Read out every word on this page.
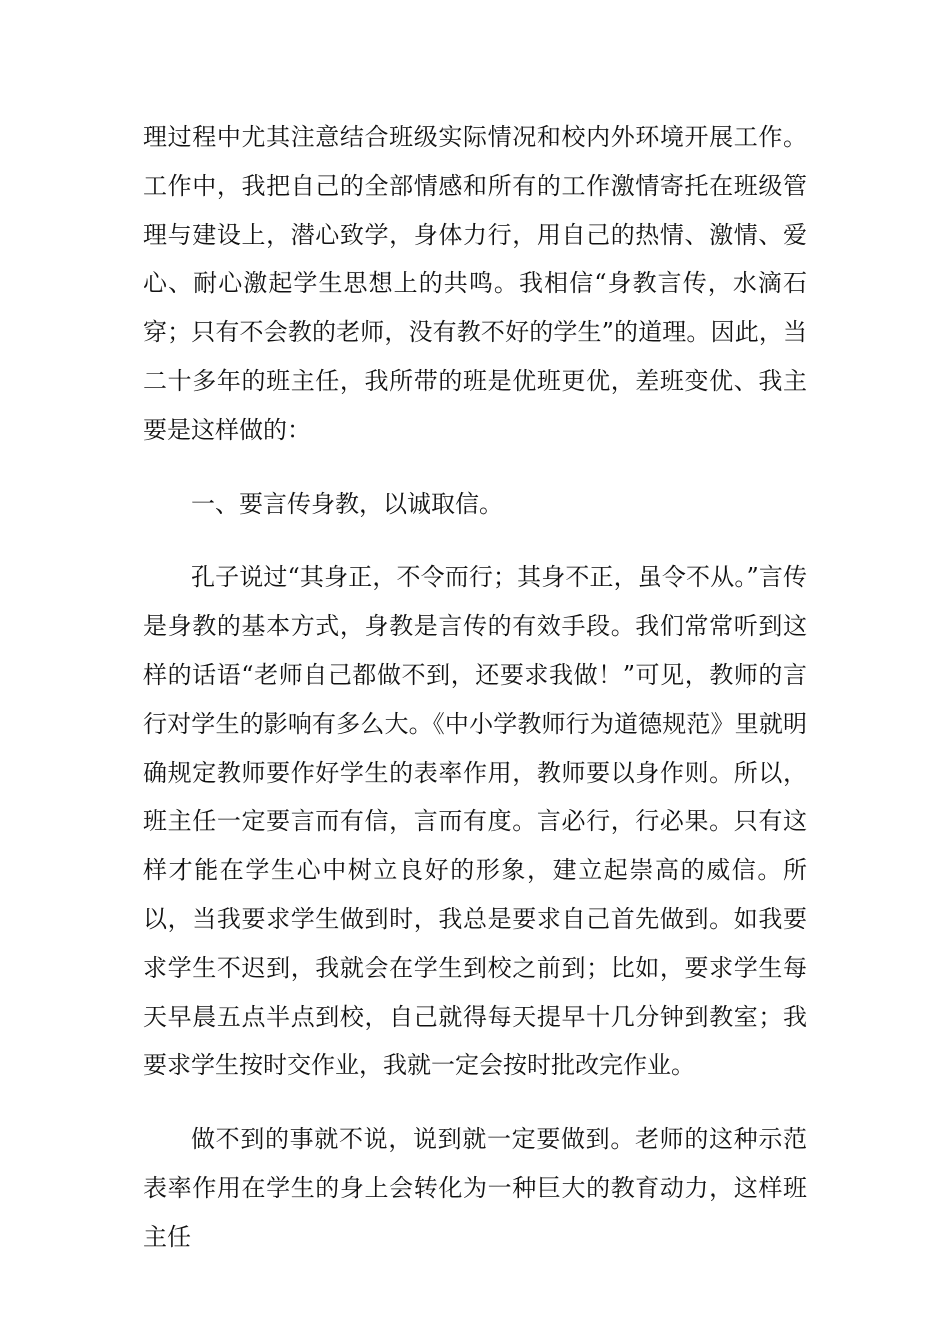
理过程中尤其注意结合班级实际情况和校内外环境开展工作。工作中，我把自己的全部情感和所有的工作激情寄托在班级管理与建设上，潜心致学，身体力行，用自己的热情、激情、爱心、耐心激起学生思想上的共鸣。我相信“身教言传，水滴石穿；只有不会教的老师，没有教不好的学生”的道理。因此，当二十多年的班主任，我所带的班是优班更优，差班变优、我主要是这样做的：

一、要言传身教，以诚取信。

孔子说过“其身正，不令而行；其身不正，虽令不从。”言传是身教的基本方式，身教是言传的有效手段。我们常常听到这样的话语“老师自己都做不到，还要求我做！”可见，教师的言行对学生的影响有多么大。《中小学教师行为道德规范》里就明确规定教师要作好学生的表率作用，教师要以身作则。所以，班主任一定要言而有信，言而有度。言必行，行必果。只有这样才能在学生心中树立良好的形象，建立起崇高的威信。所以，当我要求学生做到时，我总是要求自己首先做到。如我要求学生不迟到，我就会在学生到校之前到；比如，要求学生每天早晨五点半点到校，自己就得每天提早十几分钟到教室；我要求学生按时交作业，我就一定会按时批改完作业。

做不到的事就不说，说到就一定要做到。老师的这种示范表率作用在学生的身上会转化为一种巨大的教育动力，这样班主任
